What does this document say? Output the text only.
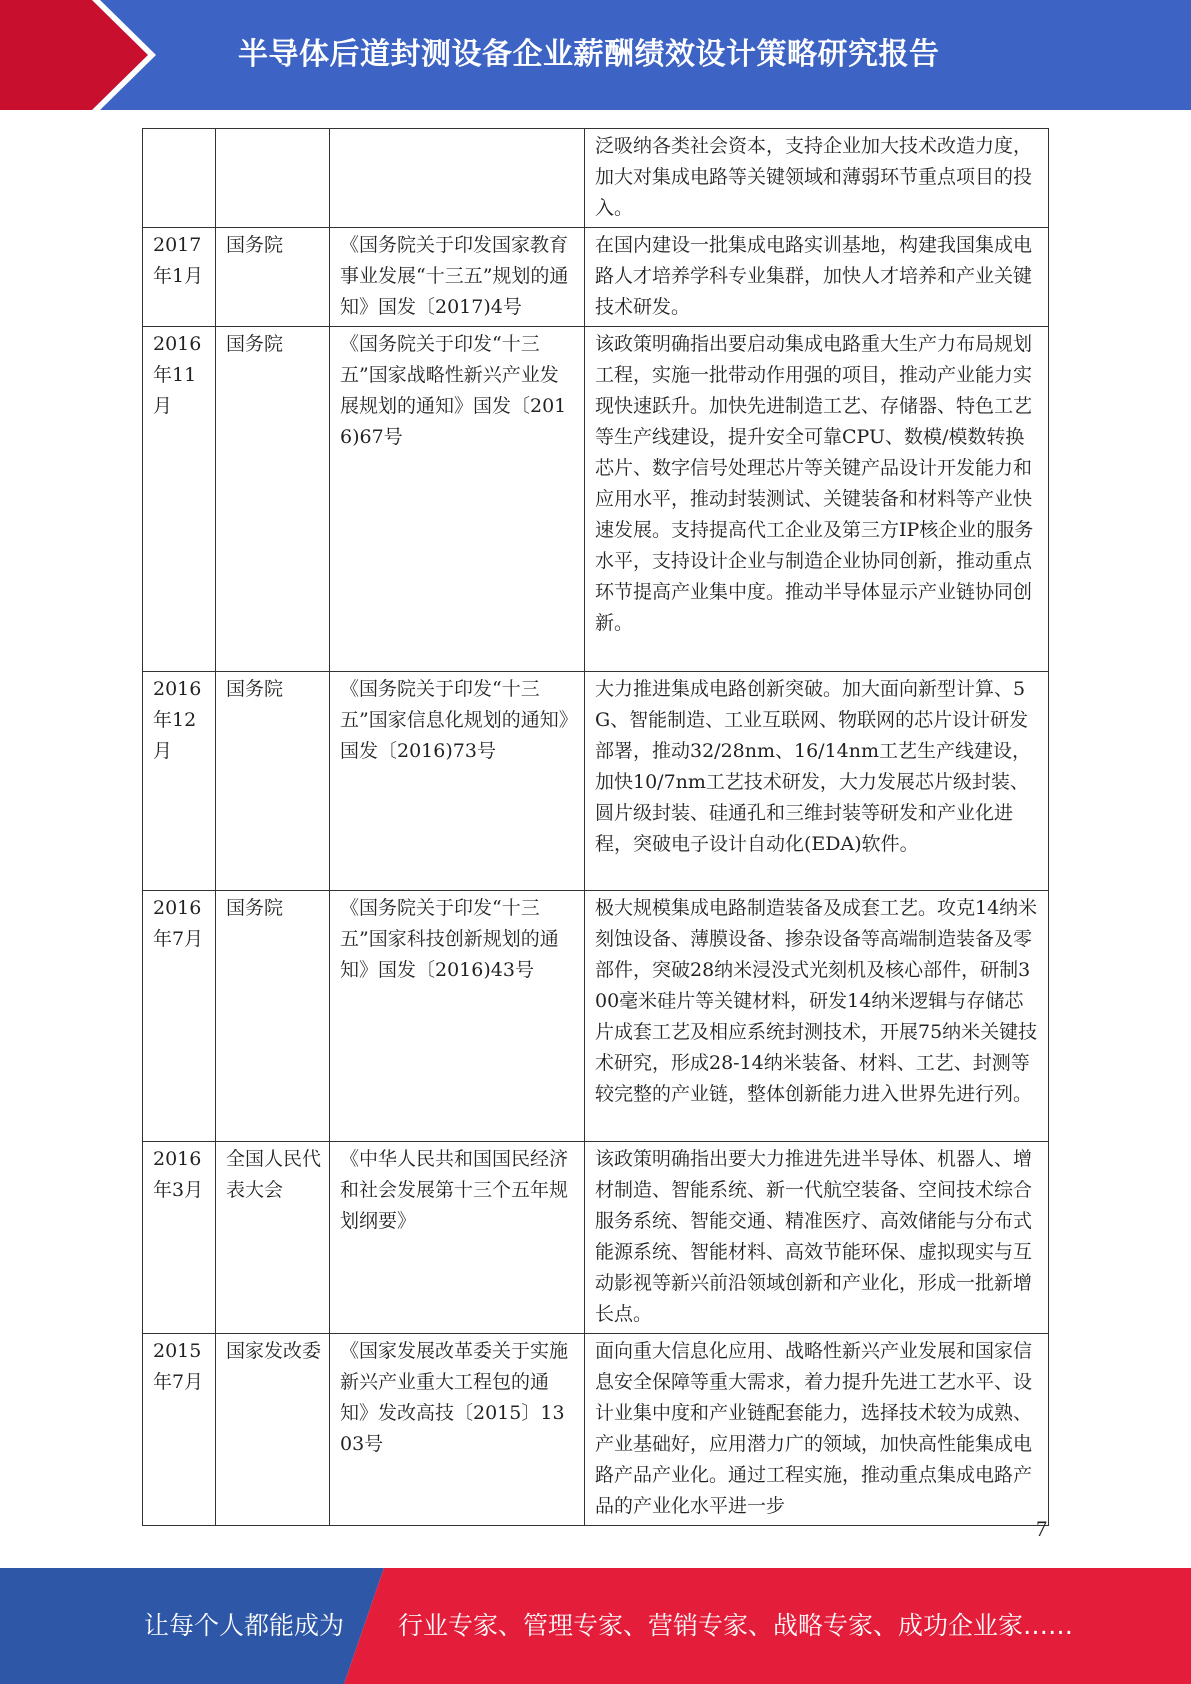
半导体后道封测设备企业薪酬绩效设计策略研究报告
			泛吸纳各类社会资本，支持企业加大技术改造力度，加大对集成电路等关键领域和薄弱环节重点项目的投入。
2017年1月	国务院	《国务院关于印发国家教育事业发展“十三五”规划的通知》国发〔2017)4号	在国内建设一批集成电路实训基地，构建我国集成电路人才培养学科专业集群，加快人才培养和产业关键技术研发。
2016年11月	国务院	《国务院关于印发“十三五”国家战略性新兴产业发展规划的通知》国发〔2016)67号	该政策明确指出要启动集成电路重大生产力布局规划工程，实施一批带动作用强的项目，推动产业能力实现快速跃升。加快先进制造工艺、存储器、特色工艺等生产线建设，提升安全可靠CPU、数模/模数转换芯片、数字信号处理芯片等关键产品设计开发能力和应用水平，推动封装测试、关键装备和材料等产业快速发展。支持提高代工企业及第三方IP核企业的服务水平，支持设计企业与制造企业协同创新，推动重点环节提高产业集中度。推动半导体显示产业链协同创新。
2016年12月	国务院	《国务院关于印发“十三五”国家信息化规划的通知》国发〔2016)73号	大力推进集成电路创新突破。加大面向新型计算、5G、智能制造、工业互联网、物联网的芯片设计研发部署，推动32/28nm、16/14nm工艺生产线建设，加快10/7nm工艺技术研发，大力发展芯片级封装、圆片级封装、硅通孔和三维封装等研发和产业化进程，突破电子设计自动化(EDA)软件。
2016年7月	国务院	《国务院关于印发“十三五”国家科技创新规划的通知》国发〔2016)43号	极大规模集成电路制造装备及成套工艺。攻克14纳米刻蚀设备、薄膜设备、掺杂设备等高端制造装备及零部件，突破28纳米浸没式光刻机及核心部件，研制300毫米硅片等关键材料，研发14纳米逻辑与存储芯片成套工艺及相应系统封测技术，开展75纳米关键技术研究，形成28-14纳米装备、材料、工艺、封测等较完整的产业链，整体创新能力进入世界先进行列。
2016年3月	全国人民代表大会	《中华人民共和国国民经济和社会发展第十三个五年规划纲要》	该政策明确指出要大力推进先进半导体、机器人、增材制造、智能系统、新一代航空装备、空间技术综合服务系统、智能交通、精准医疗、高效储能与分布式能源系统、智能材料、高效节能环保、虚拟现实与互动影视等新兴前沿领域创新和产业化，形成一批新增长点。
2015年7月	国家发改委	《国家发展改革委关于实施新兴产业重大工程包的通知》发改高技〔2015〕1303号	面向重大信息化应用、战略性新兴产业发展和国家信息安全保障等重大需求，着力提升先进工艺水平、设计业集中度和产业链配套能力，选择技术较为成熟、产业基础好，应用潜力广的领域，加快高性能集成电路产品产业化。通过工程实施，推动重点集成电路产品的产业化水平进一步
7
让每个人都能成为 行业专家、管理专家、营销专家、战略专家、成功企业家……
